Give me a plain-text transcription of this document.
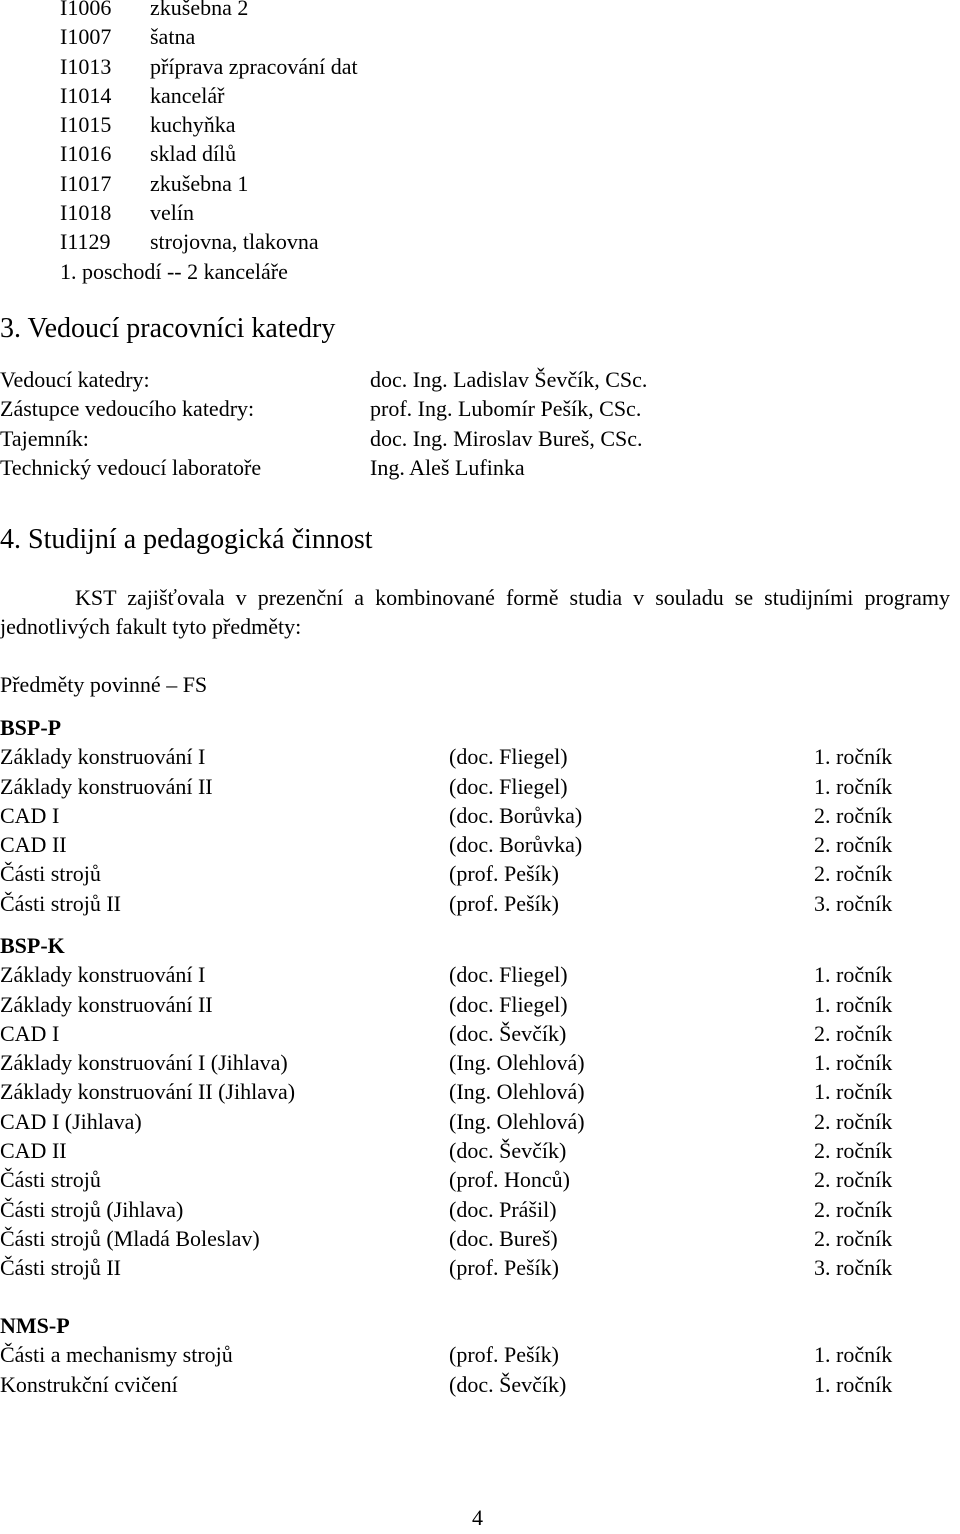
I1006	zkušebna 2
I1007	šatna
I1013	příprava zpracování dat
I1014	kancelář
I1015	kuchyňka
I1016	sklad dílů
I1017	zkušebna 1
I1018	velín
I1129	strojovna, tlakovna
1. poschodí -- 2 kanceláře
3. Vedoucí pracovníci katedry
Vedoucí katedry:	doc. Ing. Ladislav Ševčík, CSc.
Zástupce vedoucího katedry:	prof. Ing. Lubomír Pešík, CSc.
Tajemník:	doc. Ing. Miroslav Bureš, CSc.
Technický vedoucí laboratoře	Ing. Aleš Lufinka
4. Studijní a pedagogická činnost

KST zajišťovala v prezenční a kombinované formě studia v souladu se studijními programy jednotlivých fakult tyto předměty:

Předměty povinné – FS
BSP-P
Základy konstruování I	(doc. Fliegel)	1. ročník
Základy konstruování II	(doc. Fliegel)	1. ročník
CAD I	(doc. Borůvka)	2. ročník
CAD II	(doc. Borůvka)	2. ročník
Části strojů	(prof. Pešík)	2. ročník
Části strojů II	(prof. Pešík)	3. ročník
BSP-K
Základy konstruování I	(doc. Fliegel)	1. ročník
Základy konstruování II	(doc. Fliegel)	1. ročník
CAD I	(doc. Ševčík)	2. ročník
Základy konstruování I (Jihlava)	(Ing. Olehlová)	1. ročník
Základy konstruování II (Jihlava)	(Ing. Olehlová)	1. ročník
CAD I (Jihlava)	(Ing. Olehlová)	2. ročník
CAD II	(doc. Ševčík)	2. ročník
Části strojů	(prof. Honců)	2. ročník
Části strojů (Jihlava)	(doc. Prášil)	2. ročník
Části strojů (Mladá Boleslav)	(doc. Bureš)	2. ročník
Části strojů II	(prof. Pešík)	3. ročník
NMS-P
Části a mechanismy strojů	(prof. Pešík)	1. ročník
Konstrukční cvičení	(doc. Ševčík)	1. ročník
4
